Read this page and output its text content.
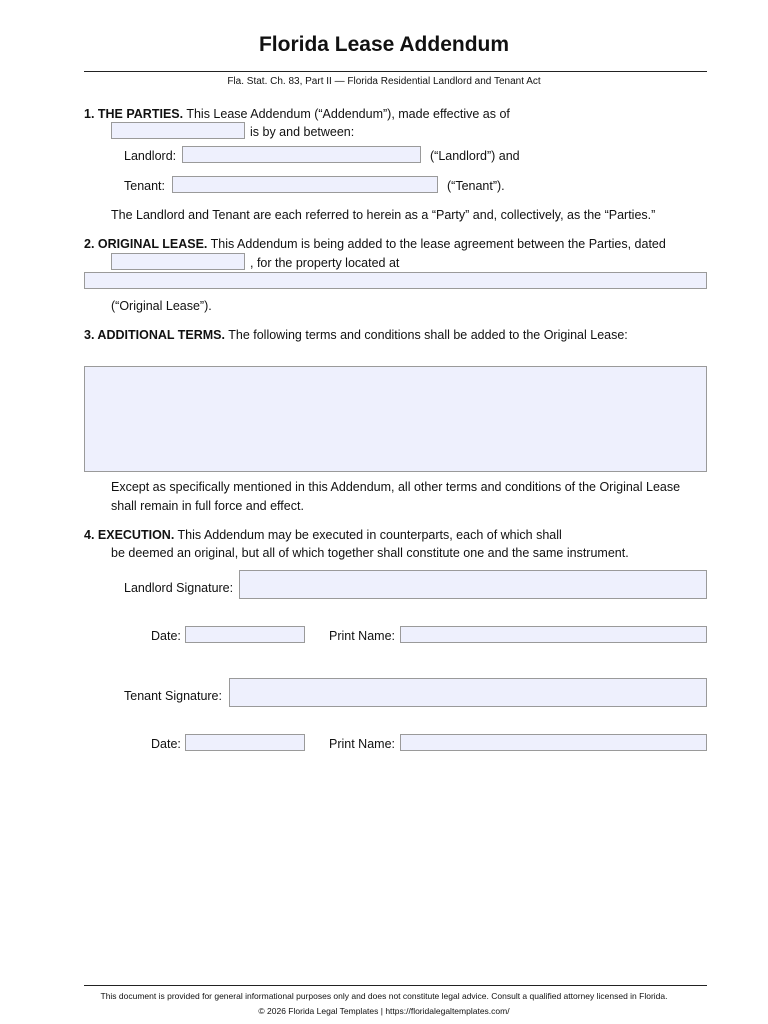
Florida Lease Addendum
Fla. Stat. Ch. 83, Part II — Florida Residential Landlord and Tenant Act
1. THE PARTIES. This Lease Addendum (“Addendum”), made effective as of
is by and between:
Landlord:	(“Landlord”) and
Tenant:	(“Tenant”).
The Landlord and Tenant are each referred to herein as a “Party” and, collectively, as the “Parties.”
2. ORIGINAL LEASE. This Addendum is being added to the lease agreement between the Parties, dated
, for the property located at
(“Original Lease”).
3. ADDITIONAL TERMS. The following terms and conditions shall be added to the Original Lease:
Except as specifically mentioned in this Addendum, all other terms and conditions of the Original Lease
shall remain in full force and effect.
4. EXECUTION. This Addendum may be executed in counterparts, each of which shall
be deemed an original, but all of which together shall constitute one and the same instrument.
Landlord Signature:
Date:	Print Name:
Tenant Signature:
Date:	Print Name:
This document is provided for general informational purposes only and does not constitute legal advice. Consult a qualified attorney licensed in Florida.
© 2026 Florida Legal Templates | https://floridalegaltemplates.com/
